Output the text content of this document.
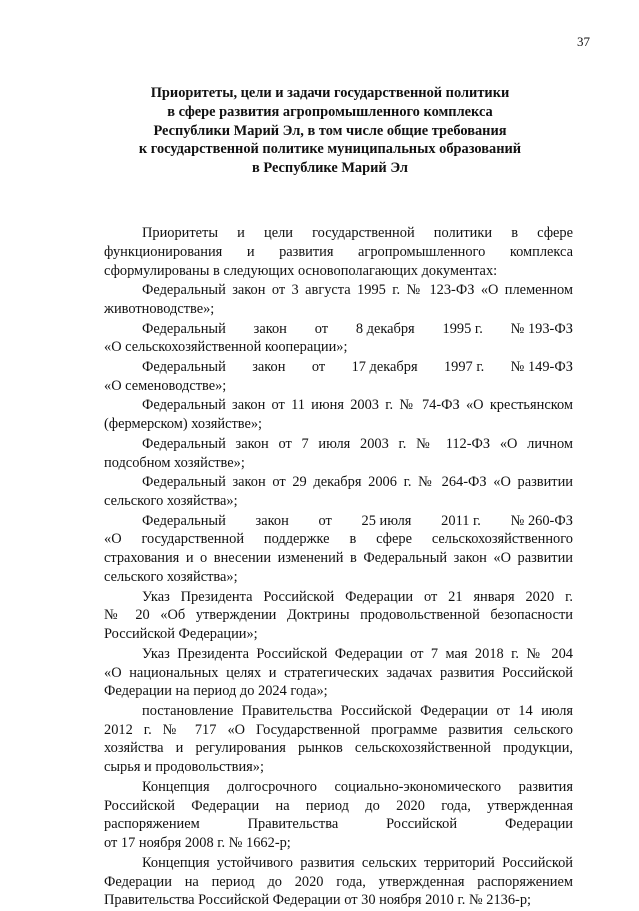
37
Приоритеты, цели и задачи государственной политики
в сфере развития агропромышленного комплекса
Республики Марий Эл, в том числе общие требования
к государственной политике муниципальных образований
в Республике Марий Эл
Приоритеты и цели государственной политики в сфере
функционирования и развития агропромышленного комплекса
сформулированы в следующих основополагающих документах:
Федеральный закон от 3 августа 1995 г. № 123-ФЗ «О племенном
животноводстве»;
Федеральный закон от 8 декабря 1995 г. № 193-ФЗ
«О сельскохозяйственной кооперации»;
Федеральный закон от 17 декабря 1997 г. № 149-ФЗ
«О семеноводстве»;
Федеральный закон от 11 июня 2003 г. № 74-ФЗ «О крестьянском
(фермерском) хозяйстве»;
Федеральный закон от 7 июля 2003 г. № 112-ФЗ «О личном
подсобном хозяйстве»;
Федеральный закон от 29 декабря 2006 г. № 264-ФЗ «О развитии
сельского хозяйства»;
Федеральный закон от 25 июля 2011 г. № 260-ФЗ
«О государственной поддержке в сфере сельскохозяйственного
страхования и о внесении изменений в Федеральный закон «О развитии
сельского хозяйства»;
Указ Президента Российской Федерации от 21 января 2020 г.
№ 20 «Об утверждении Доктрины продовольственной безопасности
Российской Федерации»;
Указ Президента Российской Федерации от 7 мая 2018 г. № 204
«О национальных целях и стратегических задачах развития Российской
Федерации на период до 2024 года»;
постановление Правительства Российской Федерации от 14 июля
2012 г. № 717 «О Государственной программе развития сельского
хозяйства и регулирования рынков сельскохозяйственной продукции,
сырья и продовольствия»;
Концепция долгосрочного социально-экономического развития
Российской Федерации на период до 2020 года, утвержденная
распоряжением	Правительства	Российской	Федерации
от 17 ноября 2008 г. № 1662-р;
Концепция устойчивого развития сельских территорий Российской
Федерации на период до 2020 года, утвержденная распоряжением
Правительства Российской Федерации от 30 ноября 2010 г. № 2136-р;
